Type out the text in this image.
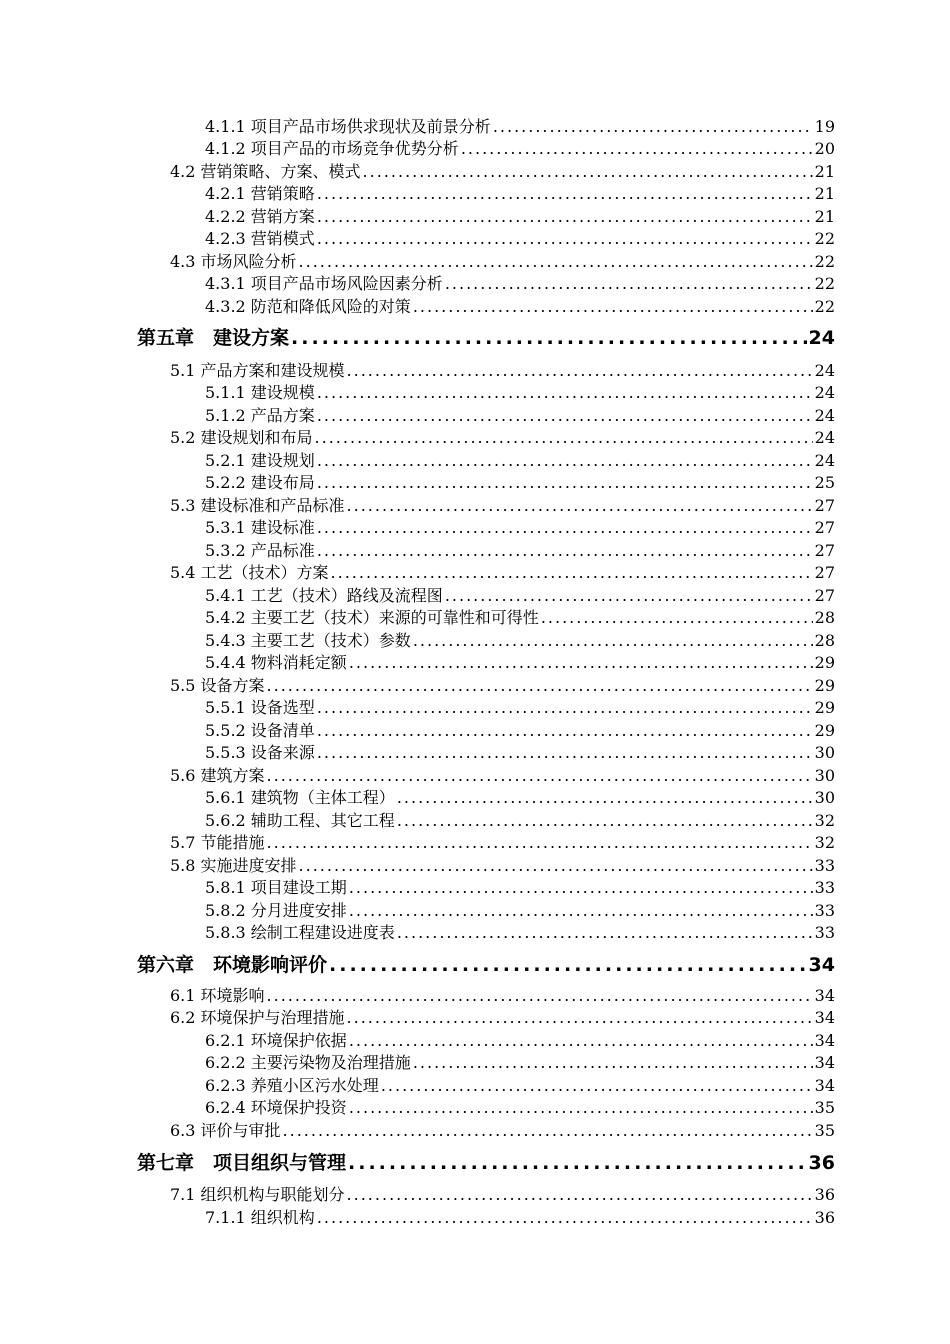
4.1.1 项目产品市场供求现状及前景分析 .....	19
4.1.2 项目产品的市场竞争优势分析 .....	20
4.2 营销策略、方案、模式 .....	21
4.2.1 营销策略 .....	21
4.2.2 营销方案 .....	21
4.2.3 营销模式 .....	22
4.3 市场风险分析 .....	22
4.3.1 项目产品市场风险因素分析 .....	22
4.3.2 防范和降低风险的对策 .....	22
第五章　建设方案 .....	24
5.1 产品方案和建设规模 .....	24
5.1.1 建设规模 .....	24
5.1.2 产品方案 .....	24
5.2 建设规划和布局 .....	24
5.2.1 建设规划 .....	24
5.2.2 建设布局 .....	25
5.3 建设标准和产品标准 .....	27
5.3.1 建设标准 .....	27
5.3.2 产品标准 .....	27
5.4 工艺（技术）方案 .....	27
5.4.1 工艺（技术）路线及流程图 .....	27
5.4.2 主要工艺（技术）来源的可靠性和可得性 .....	28
5.4.3 主要工艺（技术）参数 .....	28
5.4.4 物料消耗定额 .....	29
5.5 设备方案 .....	29
5.5.1 设备选型 .....	29
5.5.2 设备清单 .....	29
5.5.3 设备来源 .....	30
5.6 建筑方案 .....	30
5.6.1 建筑物（主体工程） .....	30
5.6.2 辅助工程、其它工程 .....	32
5.7 节能措施 .....	32
5.8 实施进度安排 .....	33
5.8.1 项目建设工期 .....	33
5.8.2 分月进度安排 .....	33
5.8.3 绘制工程建设进度表 .....	33
第六章　环境影响评价 .....	34
6.1 环境影响 .....	34
6.2 环境保护与治理措施 .....	34
6.2.1 环境保护依据 .....	34
6.2.2 主要污染物及治理措施 .....	34
6.2.3 养殖小区污水处理 .....	34
6.2.4 环境保护投资 .....	35
6.3 评价与审批 .....	35
第七章　项目组织与管理 .....	36
7.1 组织机构与职能划分 .....	36
7.1.1 组织机构 .....	36
